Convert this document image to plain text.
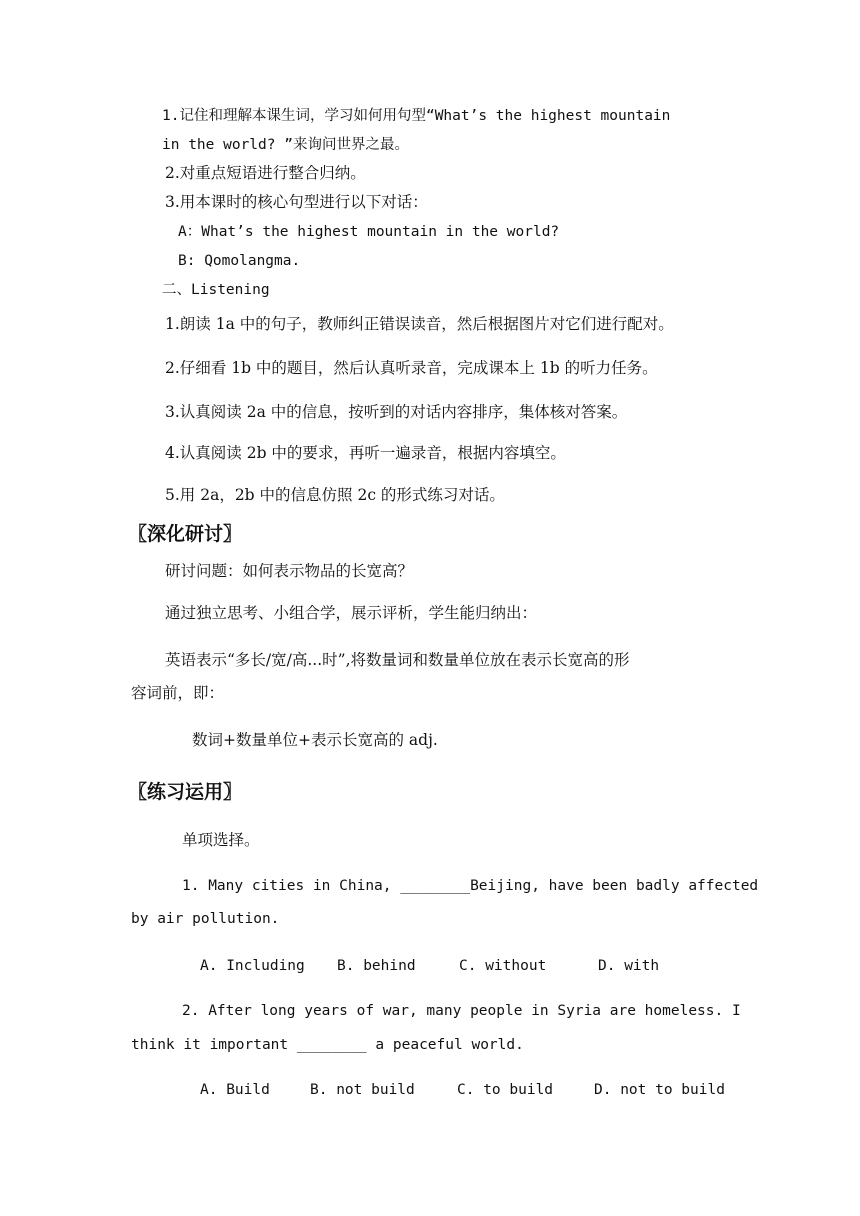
1.记住和理解本课生词，学习如何用句型“What’s the highest mountain
in the world? ”来询问世界之最。
2.对重点短语进行整合归纳。
3.用本课时的核心句型进行以下对话：
A：What’s the highest mountain in the world?
B: Qomolangma.
二、Listening
1.朗读 1a 中的句子，教师纠正错误读音，然后根据图片对它们进行配对。
2.仔细看 1b 中的题目，然后认真听录音，完成课本上 1b 的听力任务。
3.认真阅读 2a 中的信息，按听到的对话内容排序，集体核对答案。
4.认真阅读 2b 中的要求，再听一遍录音，根据内容填空。
5.用 2a，2b 中的信息仿照 2c 的形式练习对话。
〖深化研讨〗
研讨问题：如何表示物品的长宽高？
通过独立思考、小组合学，展示评析，学生能归纳出：
英语表示“多长/宽/高...时”,将数量词和数量单位放在表示长宽高的形
容词前，即：
数词+数量单位+表示长宽高的 adj.
〖练习运用〗
单项选择。
1. Many cities in China, ________Beijing, have been badly affected
by air pollution.
A. Including B. behind	C. without	D. with
2. After long years of war, many people in Syria are homeless. I
think it important ________ a peaceful world.
A. Build	B. not build	C. to build	D. not to build
